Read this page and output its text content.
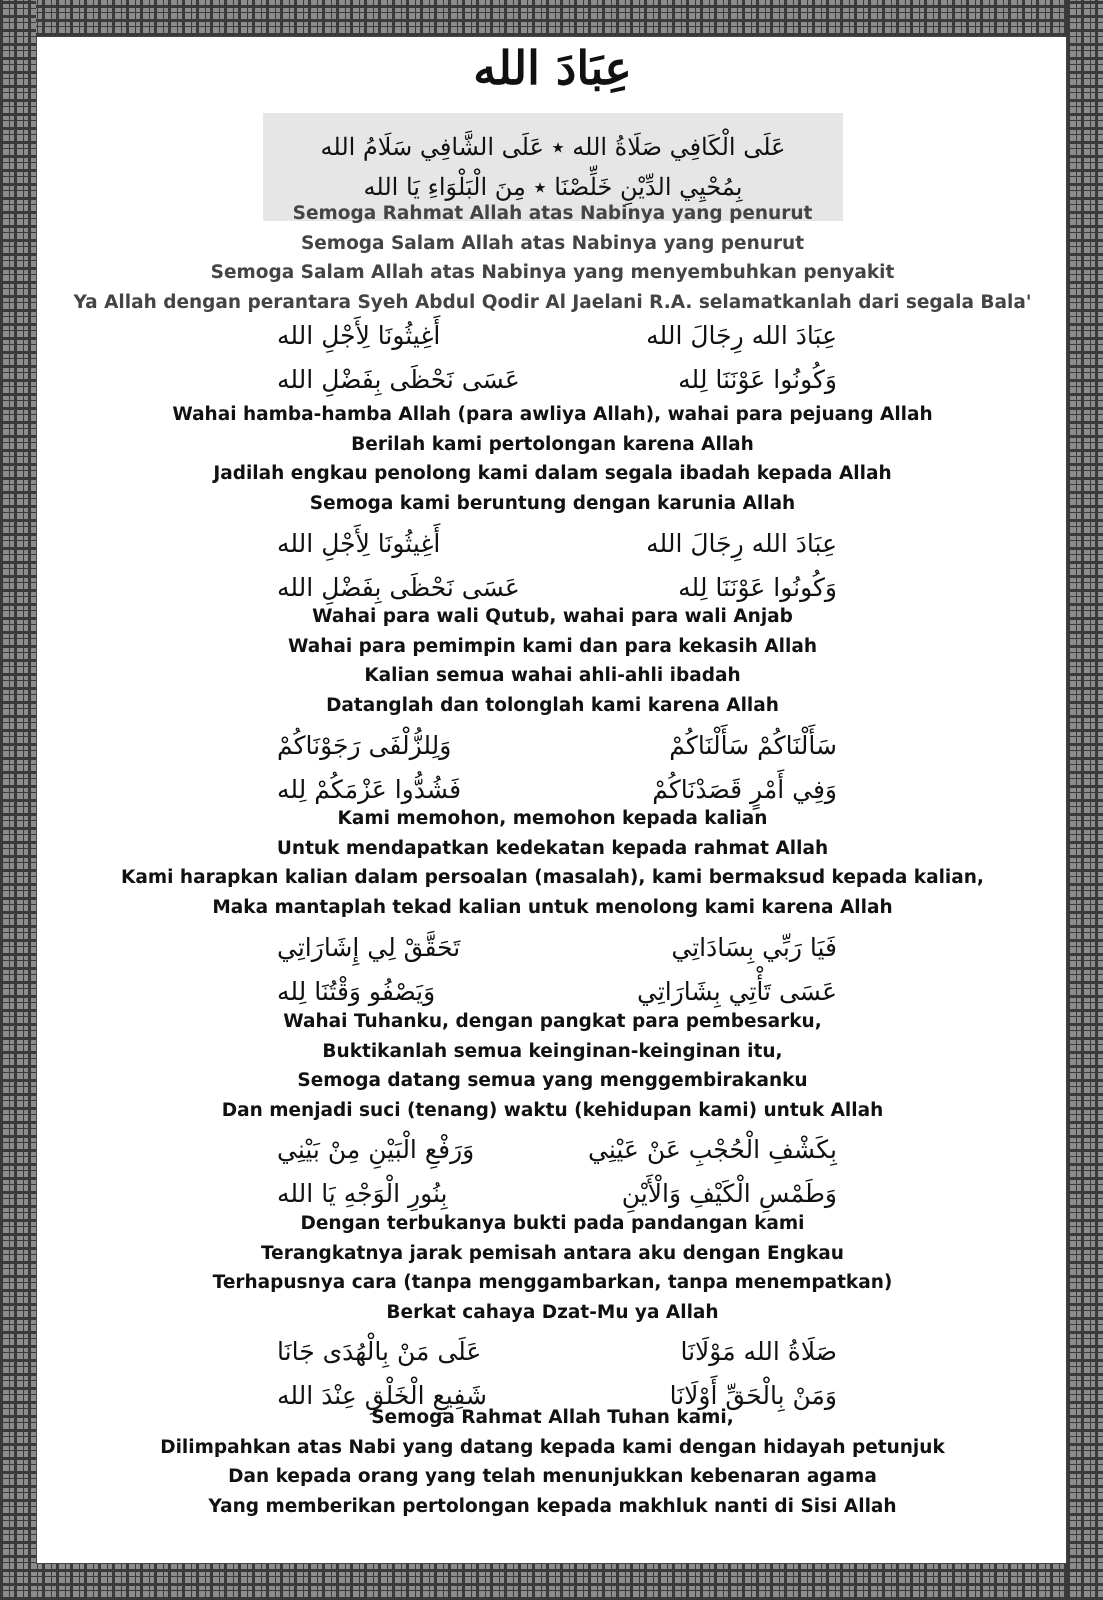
عِبَادَ الله
عَلَى الْكَافِي صَلَاةُ الله ٭ عَلَى الشَّافِي سَلَامُ الله
بِمُحْيِي الدِّيْنِ خَلِّصْنَا ٭ مِنَ الْبَلْوَاءِ يَا الله
Semoga Rahmat Allah atas Nabinya yang penurut
Semoga Salam Allah atas Nabinya yang penurut
Semoga Salam Allah atas Nabinya yang menyembuhkan penyakit
Ya Allah dengan perantara Syeh Abdul Qodir Al Jaelani R.A. selamatkanlah dari segala Bala'
عِبَادَ الله رِجَالَ الله
أَغِيثُونَا لِأَجْلِ الله
وَكُونُوا عَوْنَنَا لِله
عَسَى نَحْظَى بِفَضْلِ الله
Wahai hamba-hamba Allah (para awliya Allah), wahai para pejuang Allah
Berilah kami pertolongan karena Allah
Jadilah engkau penolong kami dalam segala ibadah kepada Allah
Semoga kami beruntung dengan karunia Allah
عِبَادَ الله رِجَالَ الله
أَغِيثُونَا لِأَجْلِ الله
وَكُونُوا عَوْنَنَا لِله
عَسَى نَحْظَى بِفَضْلِ الله
Wahai para wali Qutub, wahai para wali Anjab
Wahai para pemimpin kami dan para kekasih Allah
Kalian semua wahai ahli-ahli ibadah
Datanglah dan tolonglah kami karena Allah
سَأَلْنَاكُمْ سَأَلْنَاكُمْ
وَلِلزُّلْفَى رَجَوْنَاكُمْ
وَفِي أَمْرٍ قَصَدْنَاكُمْ
فَشُدُّوا عَزْمَكُمْ لِله
Kami memohon, memohon kepada kalian
Untuk mendapatkan kedekatan kepada rahmat Allah
Kami harapkan kalian dalam persoalan (masalah), kami bermaksud kepada kalian,
Maka mantaplah tekad kalian untuk menolong kami karena Allah
فَيَا رَبِّي بِسَادَاتِي
تَحَقَّقْ لِي إِشَارَاتِي
عَسَى تَأْتِي بِشَارَاتِي
وَيَصْفُو وَقْتُنَا لِله
Wahai Tuhanku, dengan pangkat para pembesarku,
Buktikanlah semua keinginan-keinginan itu,
Semoga datang semua yang menggembirakanku
Dan menjadi suci (tenang) waktu (kehidupan kami) untuk Allah
بِكَشْفِ الْحُجْبِ عَنْ عَيْنِي
وَرَفْعِ الْبَيْنِ مِنْ بَيْنِي
وَطَمْسِ الْكَيْفِ وَالْأَيْنِ
بِنُورِ الْوَجْهِ يَا الله
Dengan terbukanya bukti pada pandangan kami
Terangkatnya jarak pemisah antara aku dengan Engkau
Terhapusnya cara (tanpa menggambarkan, tanpa menempatkan)
Berkat cahaya Dzat-Mu ya Allah
صَلَاةُ الله مَوْلَانَا
عَلَى مَنْ بِالْهُدَى جَانَا
وَمَنْ بِالْحَقِّ أَوْلَانَا
شَفِيعِ الْخَلْقِ عِنْدَ الله
Semoga Rahmat Allah Tuhan kami,
Dilimpahkan atas Nabi yang datang kepada kami dengan hidayah petunjuk
Dan kepada orang yang telah menunjukkan kebenaran agama
Yang memberikan pertolongan kepada makhluk nanti di Sisi Allah
